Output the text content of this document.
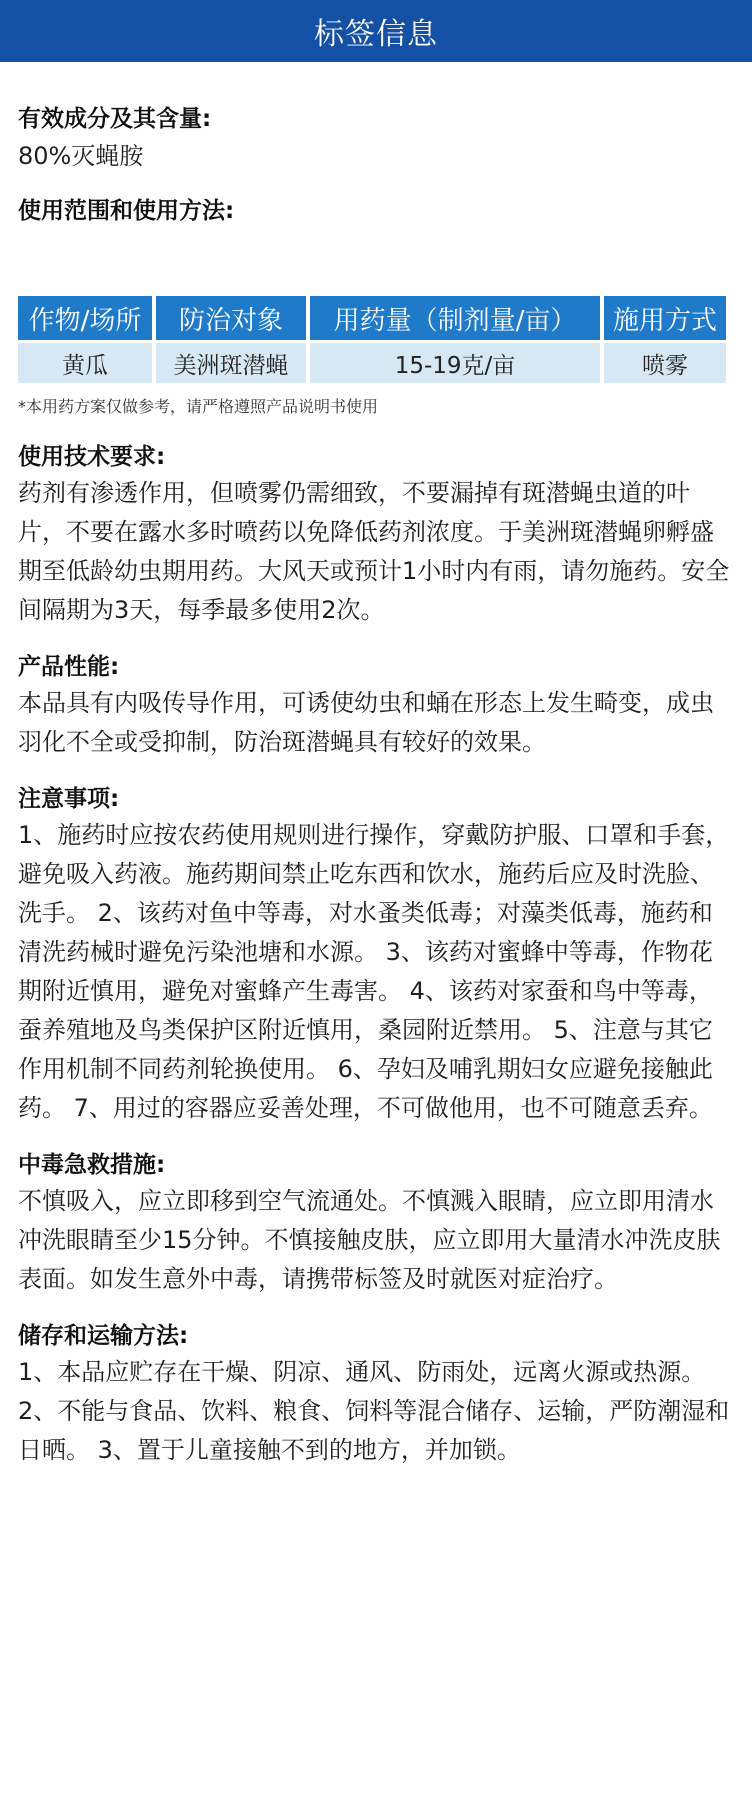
标签信息

有效成分及其含量:

80%灭蝇胺

使用范围和使用方法:

作物/场所	防治对象	用药量（制剂量/亩）	施用方式
黄瓜	美洲斑潜蝇	15-19克/亩	喷雾

*本用药方案仅做参考，请严格遵照产品说明书使用

使用技术要求:

药剂有渗透作用，但喷雾仍需细致，不要漏掉有斑潜蝇虫道的叶片，不要在露水多时喷药以免降低药剂浓度。于美洲斑潜蝇卵孵盛期至低龄幼虫期用药。大风天或预计1小时内有雨，请勿施药。安全间隔期为3天，每季最多使用2次。

产品性能:

本品具有内吸传导作用，可诱使幼虫和蛹在形态上发生畸变，成虫羽化不全或受抑制，防治斑潜蝇具有较好的效果。

注意事项:

1、施药时应按农药使用规则进行操作，穿戴防护服、口罩和手套，避免吸入药液。施药期间禁止吃东西和饮水，施药后应及时洗脸、洗手。 2、该药对鱼中等毒，对水蚤类低毒；对藻类低毒，施药和清洗药械时避免污染池塘和水源。 3、该药对蜜蜂中等毒，作物花期附近慎用，避免对蜜蜂产生毒害。 4、该药对家蚕和鸟中等毒，蚕养殖地及鸟类保护区附近慎用，桑园附近禁用。 5、注意与其它作用机制不同药剂轮换使用。 6、孕妇及哺乳期妇女应避免接触此药。 7、用过的容器应妥善处理，不可做他用，也不可随意丢弃。

中毒急救措施:

不慎吸入，应立即移到空气流通处。不慎溅入眼睛，应立即用清水冲洗眼睛至少15分钟。不慎接触皮肤，应立即用大量清水冲洗皮肤表面。如发生意外中毒，请携带标签及时就医对症治疗。

储存和运输方法:

1、本品应贮存在干燥、阴凉、通风、防雨处，远离火源或热源。 2、不能与食品、饮料、粮食、饲料等混合储存、运输，严防潮湿和日晒。 3、置于儿童接触不到的地方，并加锁。
